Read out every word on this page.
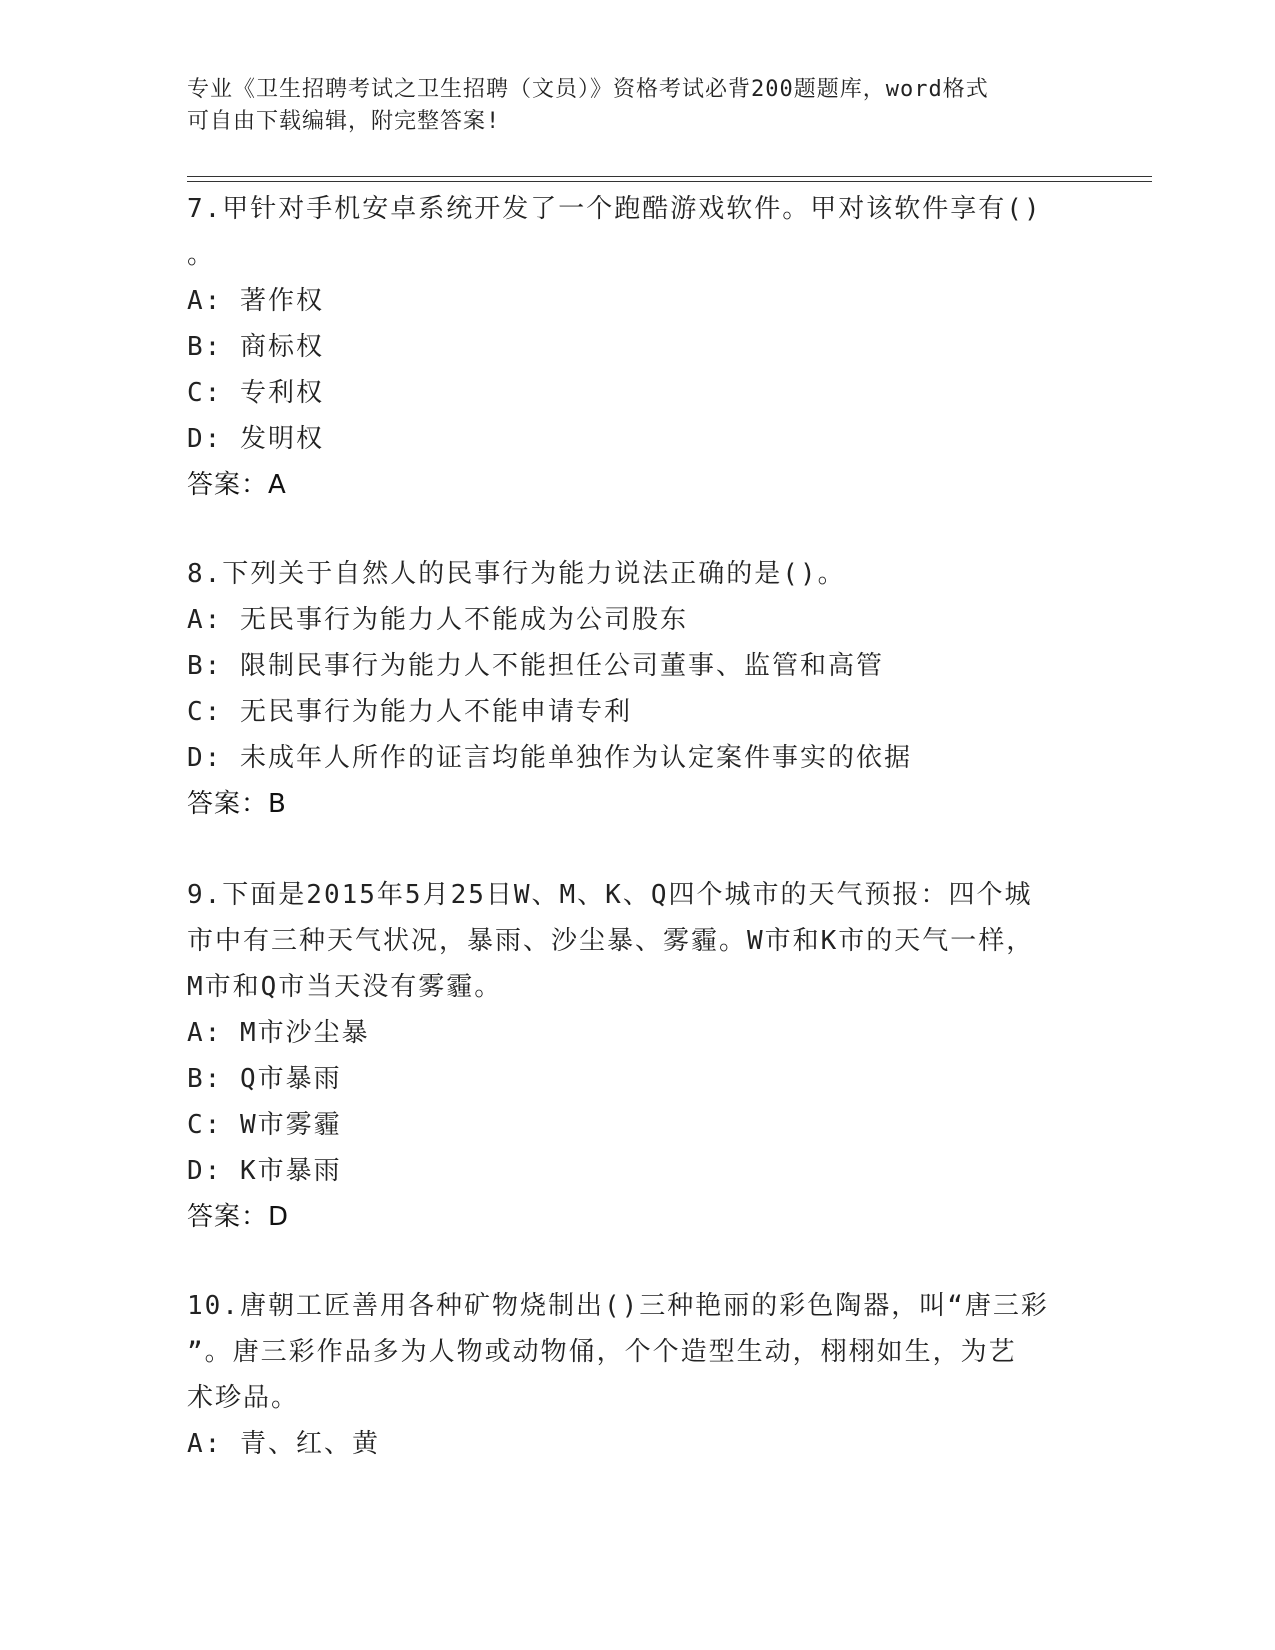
专业《卫生招聘考试之卫生招聘（文员）》资格考试必背200题题库，word格式
可自由下载编辑，附完整答案!

7.甲针对手机安卓系统开发了一个跑酷游戏软件。甲对该软件享有()

。

A: 著作权

B: 商标权

C: 专利权

D: 发明权

答案：A

8.下列关于自然人的民事行为能力说法正确的是()。

A: 无民事行为能力人不能成为公司股东

B: 限制民事行为能力人不能担任公司董事、监管和高管

C: 无民事行为能力人不能申请专利

D: 未成年人所作的证言均能单独作为认定案件事实的依据

答案：B

9.下面是2015年5月25日W、M、K、Q四个城市的天气预报：四个城

市中有三种天气状况，暴雨、沙尘暴、雾霾。W市和K市的天气一样，

M市和Q市当天没有雾霾。

A: M市沙尘暴

B: Q市暴雨

C: W市雾霾

D: K市暴雨

答案：D

10.唐朝工匠善用各种矿物烧制出()三种艳丽的彩色陶器，叫“唐三彩

”。唐三彩作品多为人物或动物俑，个个造型生动，栩栩如生，为艺

术珍品。

A: 青、红、黄
